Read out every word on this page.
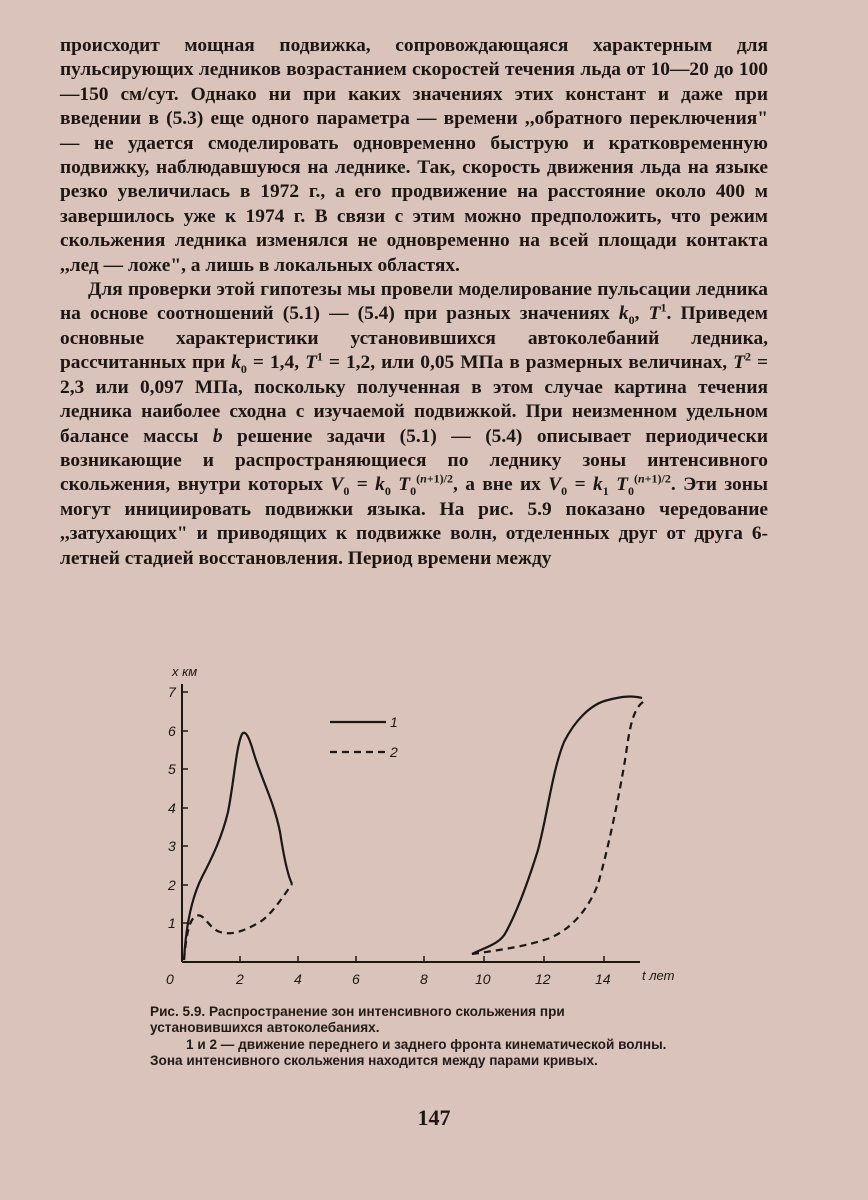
происходит мощная подвижка, сопровождающаяся характерным для пульсирующих ледников возрастанием скоростей течения льда от 10—20 до 100—150 см/сут. Однако ни при каких значениях этих констант и даже при введении в (5.3) еще одного параметра — времени ,,обратного переключения" — не удается смоделировать одновременно быструю и кратковременную подвижку, наблюдавшуюся на леднике. Так, скорость движения льда на языке резко увеличилась в 1972 г., а его продвижение на расстояние около 400 м завершилось уже к 1974 г. В связи с этим можно предположить, что режим скольжения ледника изменялся не одновременно на всей площади контакта ,,лед — ложе", а лишь в локальных областях.

Для проверки этой гипотезы мы провели моделирование пульсации ледника на основе соотношений (5.1) — (5.4) при разных значениях $k_0$, $T^1$. Приведем основные характеристики установившихся автоколебаний ледника, рассчитанных при $k_0 = 1,4$, $T^1 = 1,2$, или 0,05 МПа в размерных величинах, $T^2 = 2,3$ или 0,097 МПа, поскольку полученная в этом случае картина течения ледника наиболее сходна с изучаемой подвижкой. При неизменном удельном балансе массы b решение задачи (5.1) — (5.4) описывает периодически возникающие и распространяющиеся по леднику зоны интенсивного скольжения, внутри которых $V_0 = k_0$ $T_0^{(n+1)/2}$, а вне их $V_0 = k_1$ $T_0^{(n+1)/2}$. Эти зоны могут инициировать подвижки языка. На рис. 5.9 показано чередование ,,затухающих" и приводящих к подвижке волн, отделенных друг от друга 6-летней стадией восстановления. Период времени между

x км
t лет
1
2
3
4
5
6
7
0	2	4	6	8	10	12	14
1
2

Рис. 5.9. Распространение зон интенсивного скольжения при установившихся автоколебаниях.

1 и 2 — движение переднего и заднего фронта кинематической волны. Зона интенсивного скольжения находится между парами кривых.

147
